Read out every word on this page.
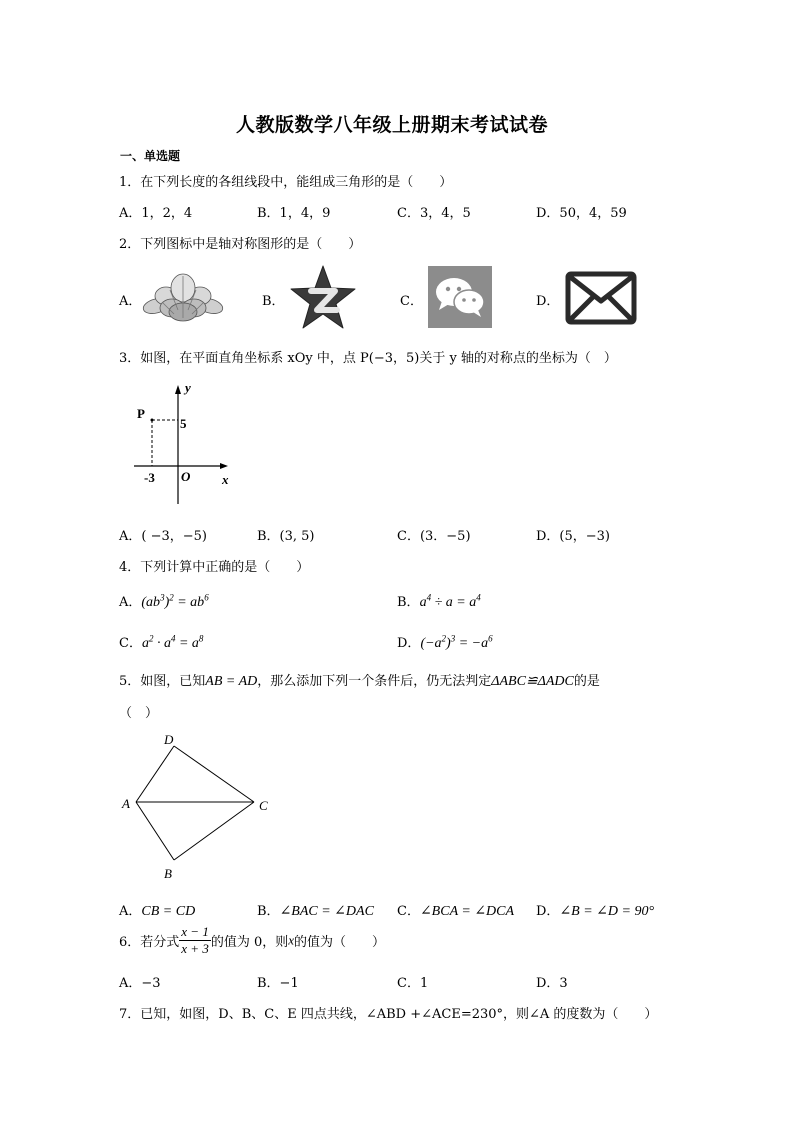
人教版数学八年级上册期末考试试卷
一、单选题
1．在下列长度的各组线段中，能组成三角形的是（　　）
A．1，2，4	B．1，4，9	C．3，4，5	D．50，4，59
2．下列图标中是轴对称图形的是（　　）
A．	B．	C．	D．
3．如图，在平面直角坐标系 xOy 中，点 P(−3，5)关于 y 轴的对称点的坐标为（　）
y
x
O
P
5
-3
A．( −3，−5)	B．(3, 5)	C．(3．−5)	D．(5，−3)
4．下列计算中正确的是（　　）
A．$(ab^3)^2 = ab^6$	B．$a^4 \div a = a^4$
C．$a^2 \cdot a^4 = a^8$	D．$(-a^2)^3 = -a^6$
5．如图，已知AB = AD，那么添加下列一个条件后，仍无法判定ΔABC≌ΔADC的是
（　）
D
A	C
B
A．CB = CD	B．∠BAC = ∠DAC C．∠BCA = ∠DCA D．∠B = ∠D = 90°
6．若分式 $\frac{x - 1}{x + 3}$ 的值为 0，则x的值为（　　）
A．−3	B．−1	C．1	D．3
7．已知，如图，D、B、C、E 四点共线，∠ABD +∠ACE=230°，则∠A 的度数为（　　）
